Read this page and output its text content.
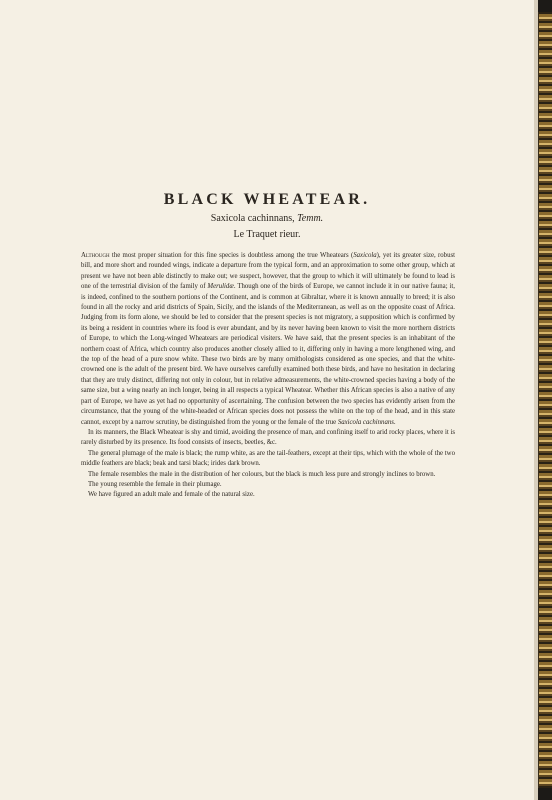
BLACK WHEATEAR.
Saxicola cachinnans, Temm.
Le Traquet rieur.

Although the most proper situation for this fine species is doubtless among the true Wheatears (Saxicola), yet its greater size, robust bill, and more short and rounded wings, indicate a departure from the typical form, and an approximation to some other group, which at present we have not been able distinctly to make out; we suspect, however, that the group to which it will ultimately be found to lead is one of the terrestrial division of the family of Merulidæ. Though one of the birds of Europe, we cannot include it in our native fauna; it, is indeed, confined to the southern portions of the Continent, and is common at Gibraltar, where it is known annually to breed; it is also found in all the rocky and arid districts of Spain, Sicily, and the islands of the Mediterranean, as well as on the opposite coast of Africa. Judging from its form alone, we should be led to consider that the present species is not migratory, a supposition which is confirmed by its being a resident in countries where its food is ever abundant, and by its never having been known to visit the more northern districts of Europe, to which the Long-winged Wheatears are periodical visiters. We have said, that the present species is an inhabitant of the northern coast of Africa, which country also produces another closely allied to it, differing only in having a more lengthened wing, and the top of the head of a pure snow white. These two birds are by many ornithologists considered as one species, and that the white-crowned one is the adult of the present bird. We have ourselves carefully examined both these birds, and have no hesitation in declaring that they are truly distinct, differing not only in colour, but in relative admeasurements, the white-crowned species having a body of the same size, but a wing nearly an inch longer, being in all respects a typical Wheatear. Whether this African species is also a native of any part of Europe, we have as yet had no opportunity of ascertaining. The confusion between the two species has evidently arisen from the circumstance, that the young of the white-headed or African species does not possess the white on the top of the head, and in this state cannot, except by a narrow scrutiny, be distinguished from the young or the female of the true Saxicola cachinnans.

In its manners, the Black Wheatear is shy and timid, avoiding the presence of man, and confining itself to arid rocky places, where it is rarely disturbed by its presence. Its food consists of insects, beetles, &c.

The general plumage of the male is black; the rump white, as are the tail-feathers, except at their tips, which with the whole of the two middle feathers are black; beak and tarsi black; irides dark brown.

The female resembles the male in the distribution of her colours, but the black is much less pure and strongly inclines to brown.

The young resemble the female in their plumage.

We have figured an adult male and female of the natural size.
